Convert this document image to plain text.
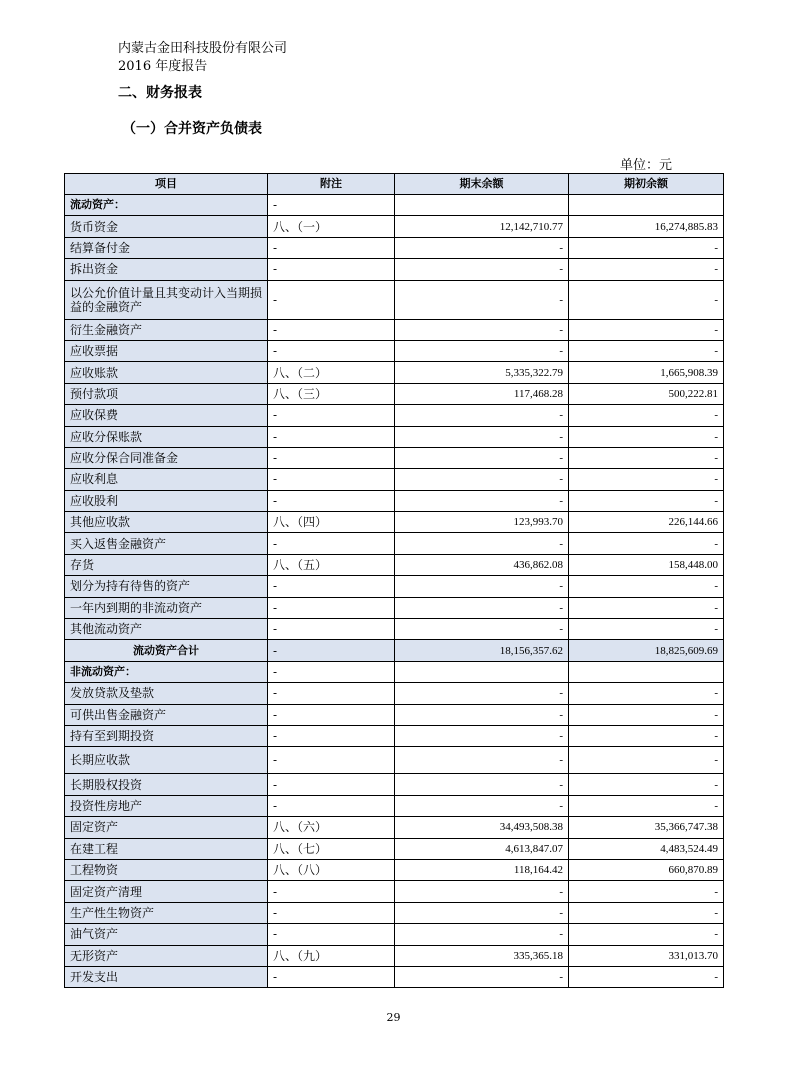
内蒙古金田科技股份有限公司
2016 年度报告
二、财务报表
（一）合并资产负债表
单位：元
项目	附注	期末余额	期初余额
流动资产：	-		
货币资金	八、（一）	12,142,710.77	16,274,885.83
结算备付金	-	-	-
拆出资金	-	-	-
以公允价值计量且其变动计入当期损益的金融资产	-	-	-
衍生金融资产	-	-	-
应收票据	-	-	-
应收账款	八、（二）	5,335,322.79	1,665,908.39
预付款项	八、（三）	117,468.28	500,222.81
应收保费	-	-	-
应收分保账款	-	-	-
应收分保合同准备金	-	-	-
应收利息	-	-	-
应收股利	-	-	-
其他应收款	八、（四）	123,993.70	226,144.66
买入返售金融资产	-	-	-
存货	八、（五）	436,862.08	158,448.00
划分为持有待售的资产	-	-	-
一年内到期的非流动资产	-	-	-
其他流动资产	-	-	-
流动资产合计	-	18,156,357.62	18,825,609.69
非流动资产：	-		
发放贷款及垫款	-	-	-
可供出售金融资产	-	-	-
持有至到期投资	-	-	-
长期应收款	-	-	-
长期股权投资	-	-	-
投资性房地产	-	-	-
固定资产	八、（六）	34,493,508.38	35,366,747.38
在建工程	八、（七）	4,613,847.07	4,483,524.49
工程物资	八、（八）	118,164.42	660,870.89
固定资产清理	-	-	-
生产性生物资产	-	-	-
油气资产	-	-	-
无形资产	八、（九）	335,365.18	331,013.70
开发支出	-	-	-
29
